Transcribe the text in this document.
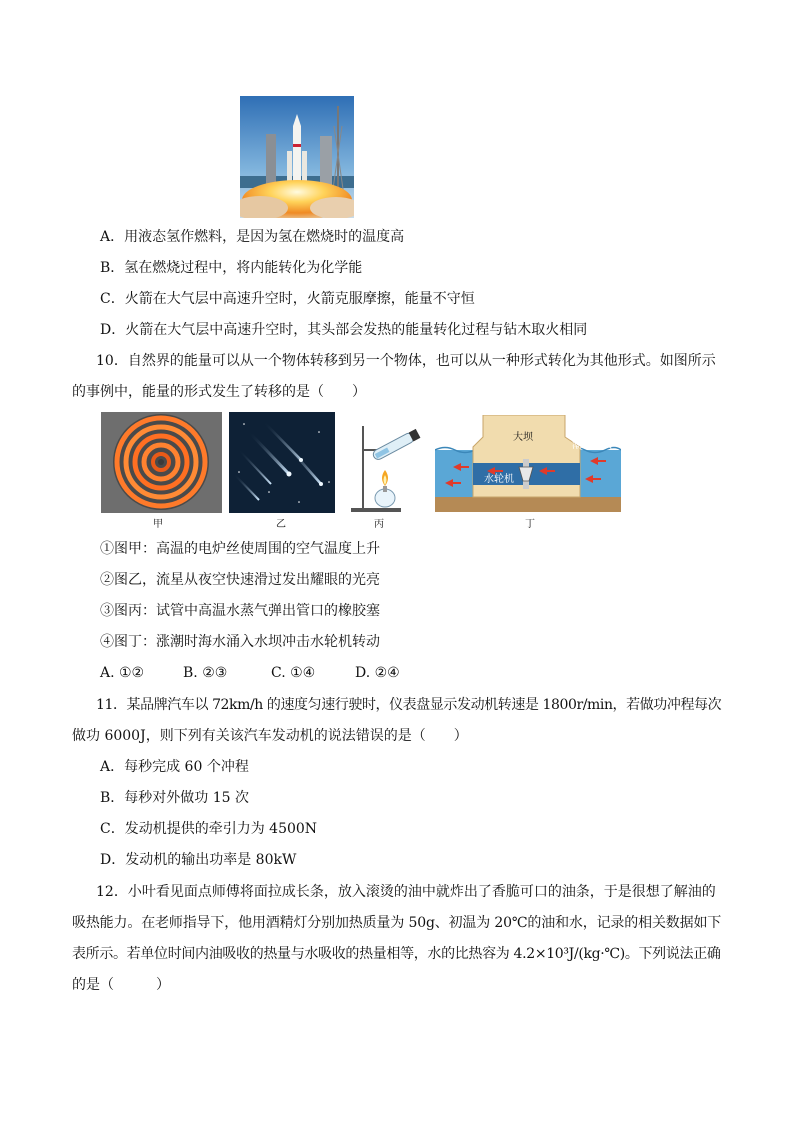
A．用液态氢作燃料，是因为氢在燃烧时的温度高
B．氢在燃烧过程中，将内能转化为化学能
C．火箭在大气层中高速升空时，火箭克服摩擦，能量不守恒
D．火箭在大气层中高速升空时，其头部会发热的能量转化过程与钻木取火相同
10．自然界的能量可以从一个物体转移到另一个物体，也可以从一种形式转化为其他形式。如图所示
的事例中，能量的形式发生了转移的是（　　）
甲	乙	丙
大坝
潮水进入
水轮机
丁
①图甲：高温的电炉丝使周围的空气温度上升
②图乙，流星从夜空快速滑过发出耀眼的光亮
③图丙：试管中高温水蒸气弹出管口的橡胶塞
④图丁：涨潮时海水涌入水坝冲击水轮机转动
A. ①②	B. ②③	C. ①④	D. ②④
11．某品牌汽车以 72km/h 的速度匀速行驶时，仪表盘显示发动机转速是 1800r/min，若做功冲程每次
做功 6000J，则下列有关该汽车发动机的说法错误的是（　　）
A．每秒完成 60 个冲程
B．每秒对外做功 15 次
C．发动机提供的牵引力为 4500N
D．发动机的输出功率是 80kW
12．小叶看见面点师傅将面拉成长条，放入滚烫的油中就炸出了香脆可口的油条，于是很想了解油的
吸热能力。在老师指导下，他用酒精灯分别加热质量为 50g、初温为 20℃的油和水，记录的相关数据如下
表所示。若单位时间内油吸收的热量与水吸收的热量相等，水的比热容为 4.2×10³J/(kg·℃)。下列说法正确
的是（　　　）
